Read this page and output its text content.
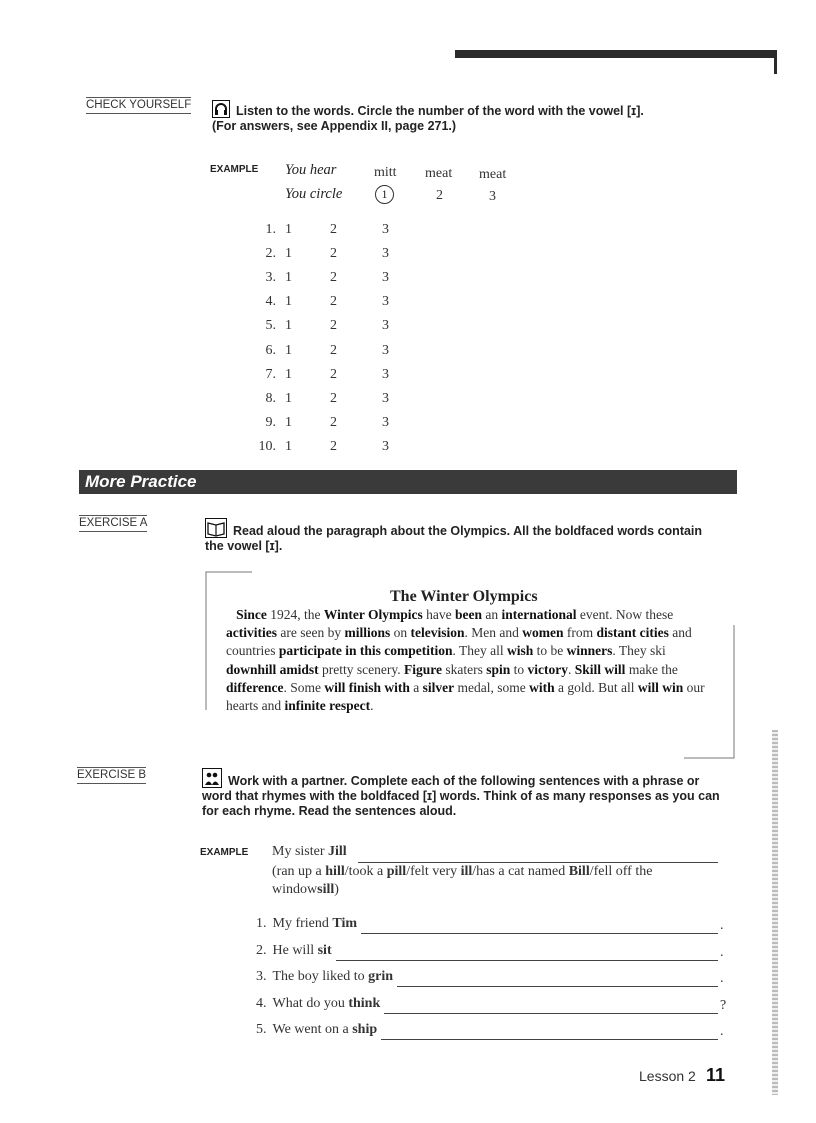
CHECK YOURSELF	Listen to the words. Circle the number of the word with the vowel [ɪ].
(For answers, see Appendix II, page 271.)
EXAMPLE You hear
You circle
mitt meat meat
1	2	3
1. 1	2	3
2. 1	2	3
3. 1	2	3
4. 1	2	3
5. 1	2	3
6. 1	2	3
7. 1	2	3
8. 1	2	3
9. 1	2	3
10. 1	2	3
More Practice
EXERCISE A
Read aloud the paragraph about the Olympics. All the boldfaced words contain the vowel [ɪ].
The Winter Olympics
Since 1924, the Winter Olympics have been an international event. Now these activities are seen by millions on television. Men and women from distant cities and countries participate in this competition. They all wish to be winners. They ski downhill amidst pretty scenery. Figure skaters spin to victory. Skill will make the difference. Some will finish with a silver medal, some with a gold. But all will win our hearts and infinite respect.
EXERCISE B	Work with a partner. Complete each of the following sentences with a phrase or word that rhymes with the boldfaced [ɪ] words. Think of as many responses as you can for each rhyme. Read the sentences aloud.
EXAMPLE My sister Jill
(ran up a hill/took a pill/felt very ill/has a cat named Bill/fell off the windowsill)
1. My friend Tim	.
2. He will sit	.
3. The boy liked to grin	.
4. What do you think	?
5. We went on a ship	.
Lesson 2 11
